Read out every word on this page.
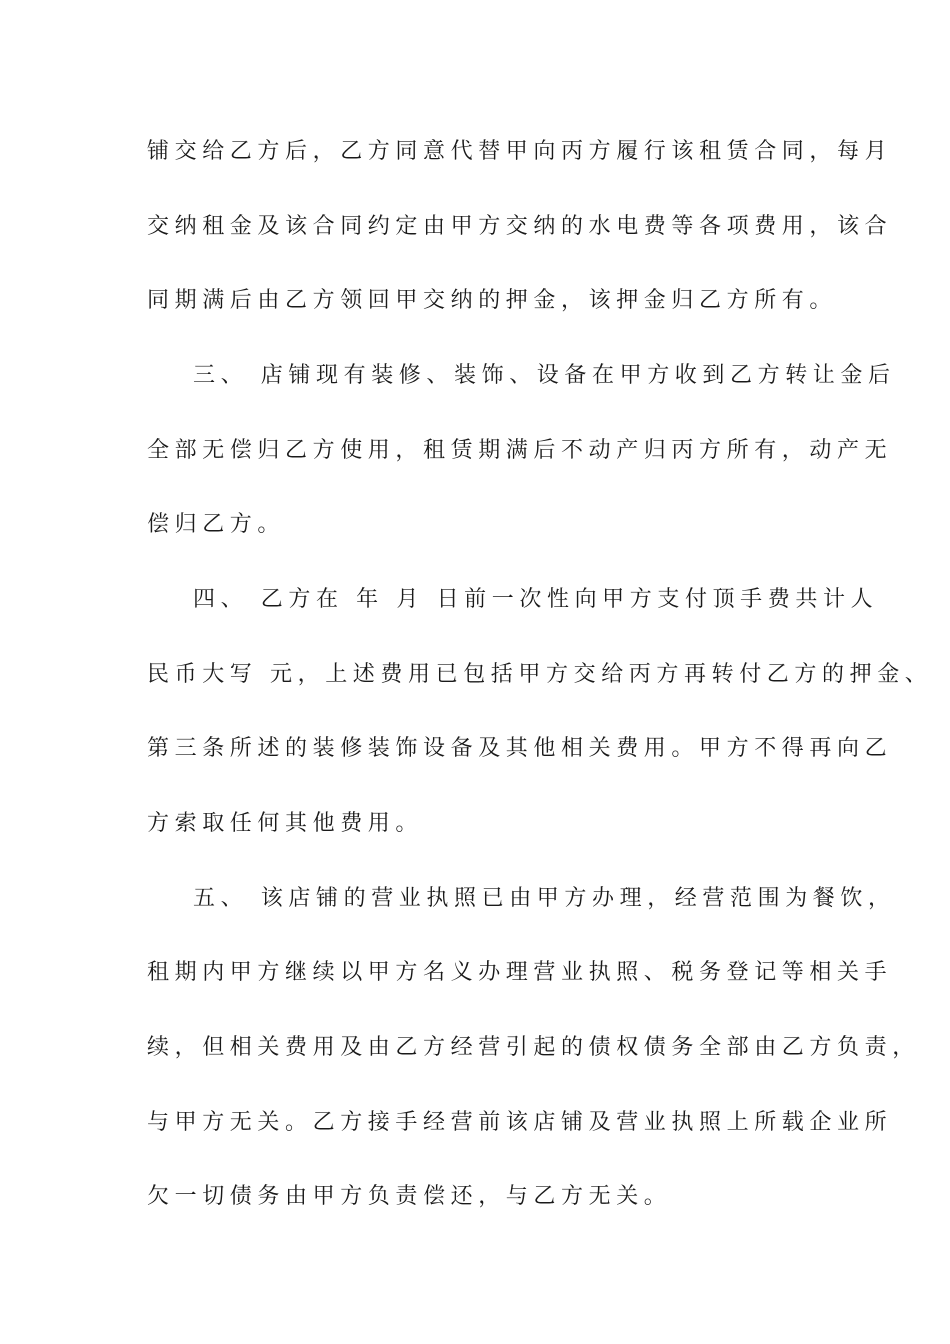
铺交给乙方后，乙方同意代替甲向丙方履行该租赁合同，每月
交纳租金及该合同约定由甲方交纳的水电费等各项费用，该合
同期满后由乙方领回甲交纳的押金，该押金归乙方所有。
三、 店铺现有装修、装饰、设备在甲方收到乙方转让金后
全部无偿归乙方使用，租赁期满后不动产归丙方所有，动产无
偿归乙方。
四、 乙方在 年 月 日前一次性向甲方支付顶手费共计人
民币大写 元，上述费用已包括甲方交给丙方再转付乙方的押金、
第三条所述的装修装饰设备及其他相关费用。甲方不得再向乙
方索取任何其他费用。
五、 该店铺的营业执照已由甲方办理，经营范围为餐饮，
租期内甲方继续以甲方名义办理营业执照、税务登记等相关手
续，但相关费用及由乙方经营引起的债权债务全部由乙方负责，
与甲方无关。乙方接手经营前该店铺及营业执照上所载企业所
欠一切债务由甲方负责偿还，与乙方无关。
